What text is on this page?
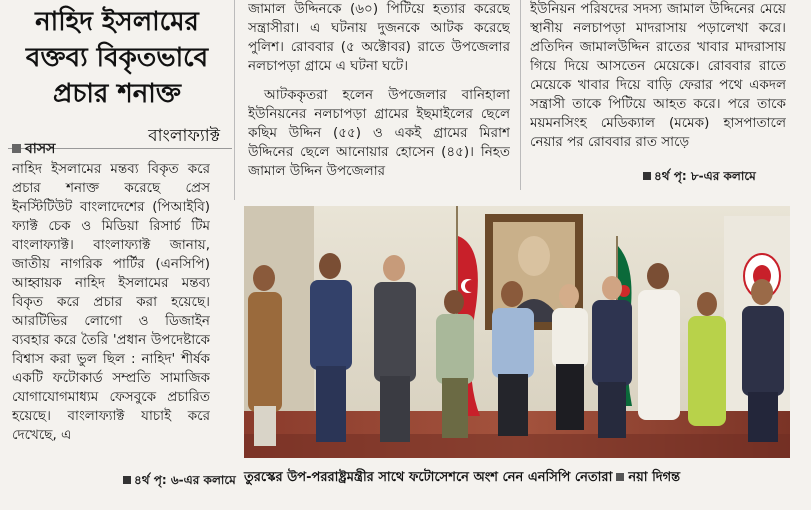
নাহিদ ইসলামের বক্তব্য বিকৃতভাবে প্রচার শনাক্ত
বাংলাফ্যাক্ট
বাসস
নাহিদ ইসলামের মন্তব্য বিকৃত করে প্রচার শনাক্ত করেছে প্রেস ইনস্টিটিউট বাংলাদেশের (পিআইবি) ফ্যাক্ট চেক ও মিডিয়া রিসার্চ টিম বাংলাফ্যাক্ট। বাংলাফ্যাক্ট জানায়, জাতীয় নাগরিক পার্টির (এনসিপি) আহ্বায়ক নাহিদ ইসলামের মন্তব্য বিকৃত করে প্রচার করা হয়েছে। আরটিভির লোগো ও ডিজাইন ব্যবহার করে তৈরি 'প্রধান উপদেষ্টাকে বিশ্বাস করা ভুল ছিল : নাহিদ' শীর্ষক একটি ফটোকার্ড সম্প্রতি সামাজিক যোগাযোগমাধ্যম ফেসবুকে প্রচারিত হয়েছে। বাংলাফ্যাক্ট যাচাই করে দেখেছে, এ
৪র্থ পৃ: ৬-এর কলামে
জামাল উদ্দিনকে (৬০) পিটিয়ে হত্যার করেছে সন্ত্রাসীরা। এ ঘটনায় দুজনকে আটক করেছে পুলিশ। রোববার (৫ অক্টোবর) রাতে উপজেলার নলচাপড়া গ্রামে এ ঘটনা ঘটে।
আটককৃতরা হলেন উপজেলার বানিহালা ইউনিয়নের নলচাপড়া গ্রামের ইছমাইলের ছেলে কছিম উদ্দিন (৫৫) ও একই গ্রামের মিরাশ উদ্দিনের ছেলে আনোয়ার হোসেন (৪৫)। নিহত জামাল উদ্দিন উপজেলার
ইউনিয়ন পরিষদের সদস্য জামাল উদ্দিনের মেয়ে স্থানীয় নলচাপড়া মাদরাসায় পড়ালেখা করে। প্রতিদিন জামালউদ্দিন রাতের খাবার মাদরাসায় গিয়ে দিয়ে আসতেন মেয়েকে। রোববার রাতে মেয়েকে খাবার দিয়ে বাড়ি ফেরার পথে একদল সন্ত্রাসী তাকে পিটিয়ে আহত করে। পরে তাকে ময়মনসিংহ মেডিক্যাল (মমেক) হাসপাতালে নেয়ার পর রোববার রাত সাড়ে
৪র্থ পৃ: ৮-এর কলামে
তুরস্কের উপ-পররাষ্ট্রমন্ত্রীর সাথে ফটোসেশনে অংশ নেন এনসিপি নেতারা নয়া দিগন্ত
